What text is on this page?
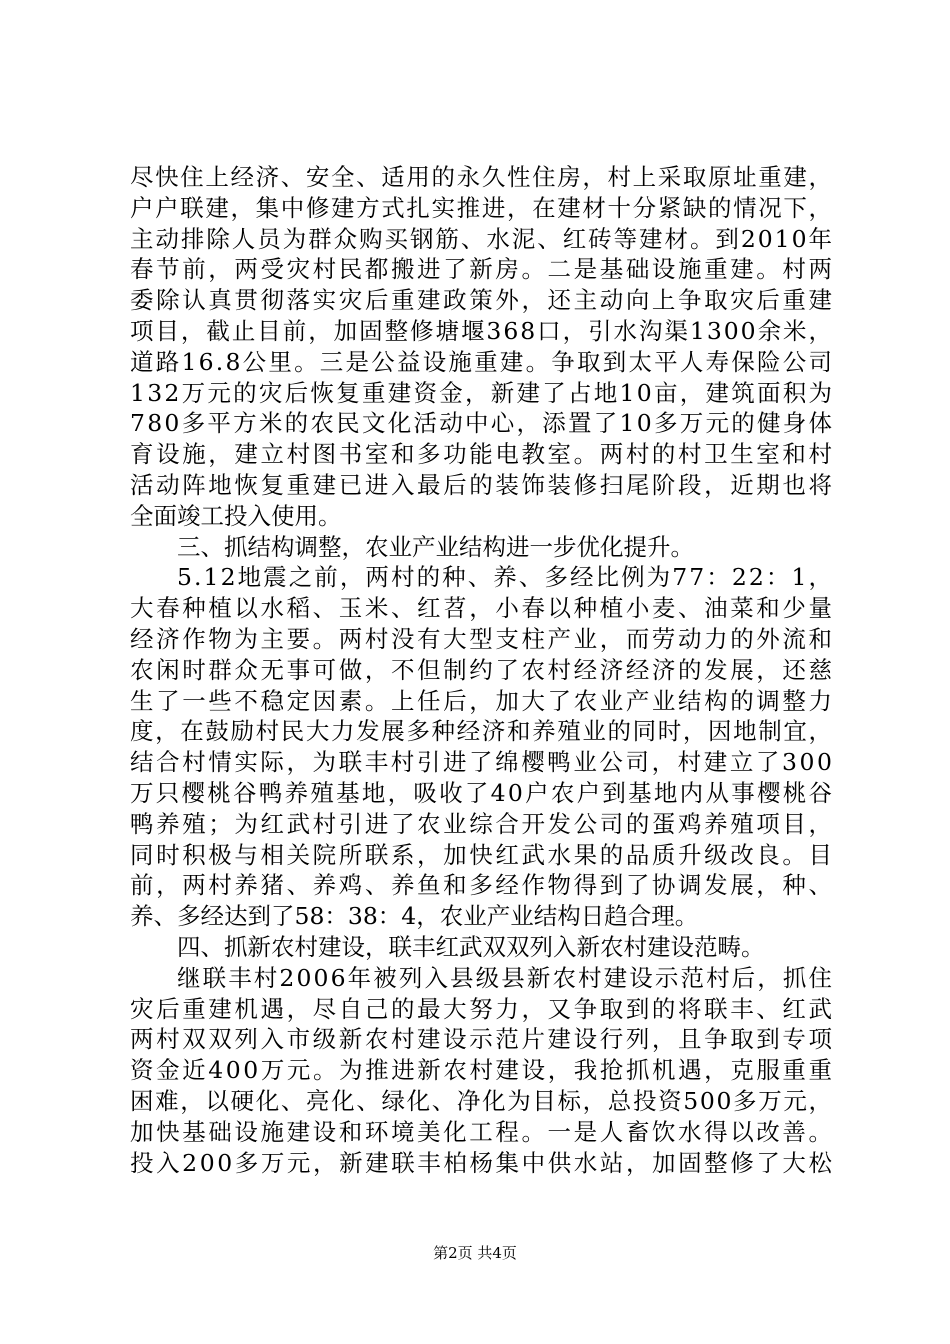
尽快住上经济、安全、适用的永久性住房，村上采取原址重建，
户户联建，集中修建方式扎实推进，在建材十分紧缺的情况下，
主动排除人员为群众购买钢筋、水泥、红砖等建材。到2010年
春节前，两受灾村民都搬进了新房。二是基础设施重建。村两
委除认真贯彻落实灾后重建政策外，还主动向上争取灾后重建
项目，截止目前，加固整修塘堰368口，引水沟渠1300余米，
道路16.8公里。三是公益设施重建。争取到太平人寿保险公司
132万元的灾后恢复重建资金，新建了占地10亩，建筑面积为
780多平方米的农民文化活动中心，添置了10多万元的健身体
育设施，建立村图书室和多功能电教室。两村的村卫生室和村
活动阵地恢复重建已进入最后的装饰装修扫尾阶段，近期也将
全面竣工投入使用。
三、抓结构调整，农业产业结构进一步优化提升。
5.12地震之前，两村的种、养、多经比例为77：22：1，
大春种植以水稻、玉米、红苕，小春以种植小麦、油菜和少量
经济作物为主要。两村没有大型支柱产业，而劳动力的外流和
农闲时群众无事可做，不但制约了农村经济经济的发展，还慈
生了一些不稳定因素。上任后，加大了农业产业结构的调整力
度，在鼓励村民大力发展多种经济和养殖业的同时，因地制宜，
结合村情实际，为联丰村引进了绵樱鸭业公司，村建立了300
万只樱桃谷鸭养殖基地，吸收了40户农户到基地内从事樱桃谷
鸭养殖；为红武村引进了农业综合开发公司的蛋鸡养殖项目，
同时积极与相关院所联系，加快红武水果的品质升级改良。目
前，两村养猪、养鸡、养鱼和多经作物得到了协调发展，种、
养、多经达到了58：38：4，农业产业结构日趋合理。
四、抓新农村建设，联丰红武双双列入新农村建设范畴。
继联丰村2006年被列入县级县新农村建设示范村后，抓住
灾后重建机遇，尽自己的最大努力，又争取到的将联丰、红武
两村双双列入市级新农村建设示范片建设行列，且争取到专项
资金近400万元。为推进新农村建设，我抢抓机遇，克服重重
困难，以硬化、亮化、绿化、净化为目标，总投资500多万元，
加快基础设施建设和环境美化工程。一是人畜饮水得以改善。
投入200多万元，新建联丰柏杨集中供水站，加固整修了大松
第2页 共4页
